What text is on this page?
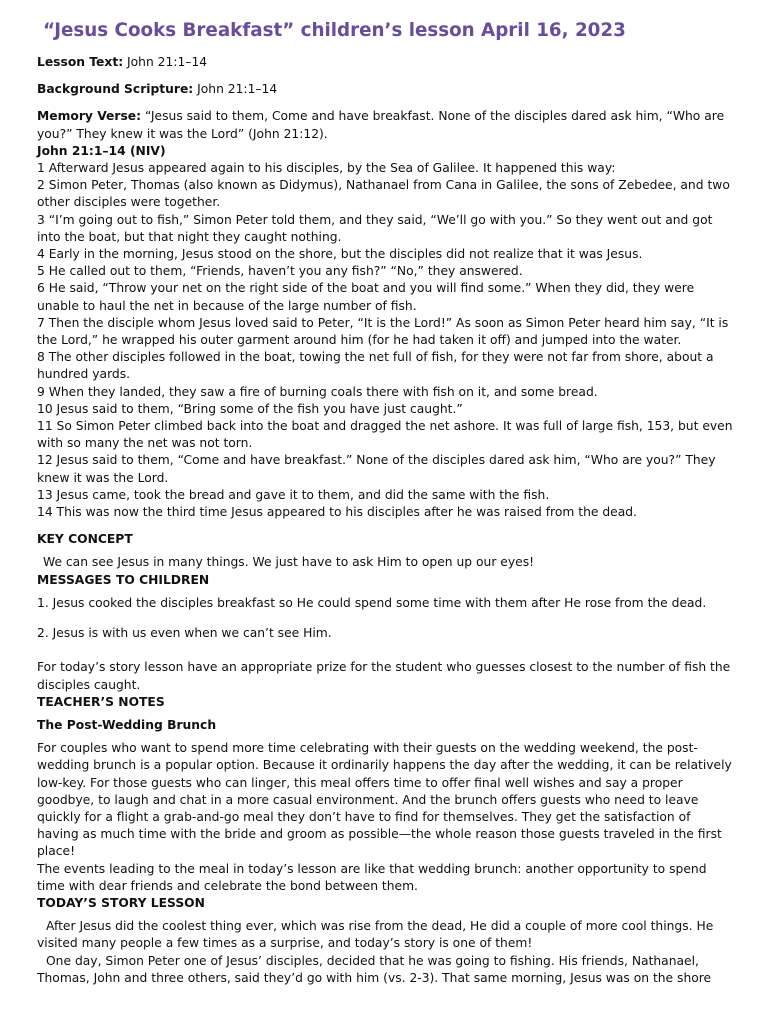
“Jesus Cooks Breakfast” children’s lesson April 16, 2023

Lesson Text: John 21:1–14

Background Scripture: John 21:1–14

Memory Verse: “Jesus said to them, Come and have breakfast. None of the disciples dared ask him, “Who are you?” They knew it was the Lord” (John 21:12).

John 21:1–14 (NIV)

1 Afterward Jesus appeared again to his disciples, by the Sea of Galilee. It happened this way:

2 Simon Peter, Thomas (also known as Didymus), Nathanael from Cana in Galilee, the sons of Zebedee, and two other disciples were together.

3 “I’m going out to fish,” Simon Peter told them, and they said, “We’ll go with you.” So they went out and got into the boat, but that night they caught nothing.

4 Early in the morning, Jesus stood on the shore, but the disciples did not realize that it was Jesus.

5 He called out to them, “Friends, haven’t you any fish?” “No,” they answered.

6 He said, “Throw your net on the right side of the boat and you will find some.” When they did, they were unable to haul the net in because of the large number of fish.

7 Then the disciple whom Jesus loved said to Peter, “It is the Lord!” As soon as Simon Peter heard him say, “It is the Lord,” he wrapped his outer garment around him (for he had taken it off) and jumped into the water.

8 The other disciples followed in the boat, towing the net full of fish, for they were not far from shore, about a hundred yards.

9 When they landed, they saw a fire of burning coals there with fish on it, and some bread.

10 Jesus said to them, “Bring some of the fish you have just caught.”

11 So Simon Peter climbed back into the boat and dragged the net ashore. It was full of large fish, 153, but even with so many the net was not torn.

12 Jesus said to them, “Come and have breakfast.” None of the disciples dared ask him, “Who are you?” They knew it was the Lord.

13 Jesus came, took the bread and gave it to them, and did the same with the fish.

14 This was now the third time Jesus appeared to his disciples after he was raised from the dead.

KEY CONCEPT

We can see Jesus in many things. We just have to ask Him to open up our eyes!

MESSAGES TO CHILDREN

1. Jesus cooked the disciples breakfast so He could spend some time with them after He rose from the dead.

2. Jesus is with us even when we can’t see Him.

For today’s story lesson have an appropriate prize for the student who guesses closest to the number of fish the disciples caught.

TEACHER’S NOTES

The Post-Wedding Brunch

For couples who want to spend more time celebrating with their guests on the wedding weekend, the post-wedding brunch is a popular option. Because it ordinarily happens the day after the wedding, it can be relatively low-key. For those guests who can linger, this meal offers time to offer final well wishes and say a proper goodbye, to laugh and chat in a more casual environment. And the brunch offers guests who need to leave quickly for a flight a grab-and-go meal they don’t have to find for themselves. They get the satisfaction of having as much time with the bride and groom as possible—the whole reason those guests traveled in the first place!

The events leading to the meal in today’s lesson are like that wedding brunch: another opportunity to spend time with dear friends and celebrate the bond between them.

TODAY’S STORY LESSON

After Jesus did the coolest thing ever, which was rise from the dead, He did a couple of more cool things. He visited many people a few times as a surprise, and today’s story is one of them!

One day, Simon Peter one of Jesus’ disciples, decided that he was going to fishing. His friends, Nathanael, Thomas, John and three others, said they’d go with him (vs. 2-3). That same morning, Jesus was on the shore
